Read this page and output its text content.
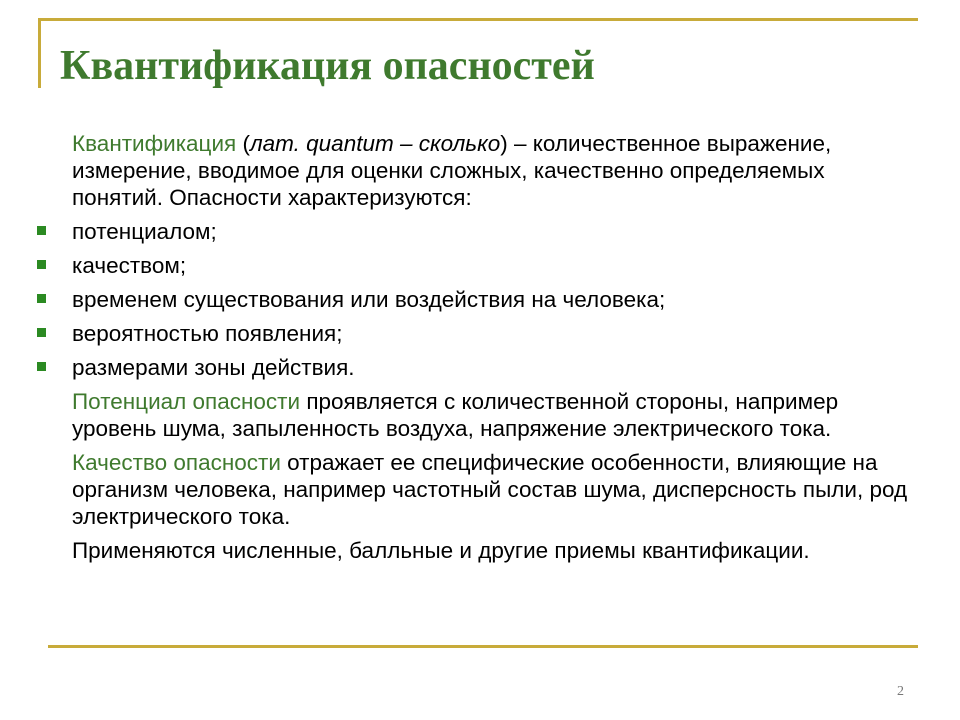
Квантификация опасностей
Квантификация (лат. quantum – сколько) – количественное выражение, измерение, вводимое для оценки сложных, качественно определяемых понятий. Опасности характеризуются:
потенциалом;
качеством;
временем существования или воздействия на человека;
вероятностью появления;
размерами зоны действия.
Потенциал опасности проявляется с количественной стороны, например уровень шума, запыленность воздуха, напряжение электрического тока.
Качество опасности отражает ее специфические особенности, влияющие на организм человека, например частотный состав шума, дисперсность пыли, род электрического тока.
Применяются численные, балльные и другие приемы квантификации.
2
